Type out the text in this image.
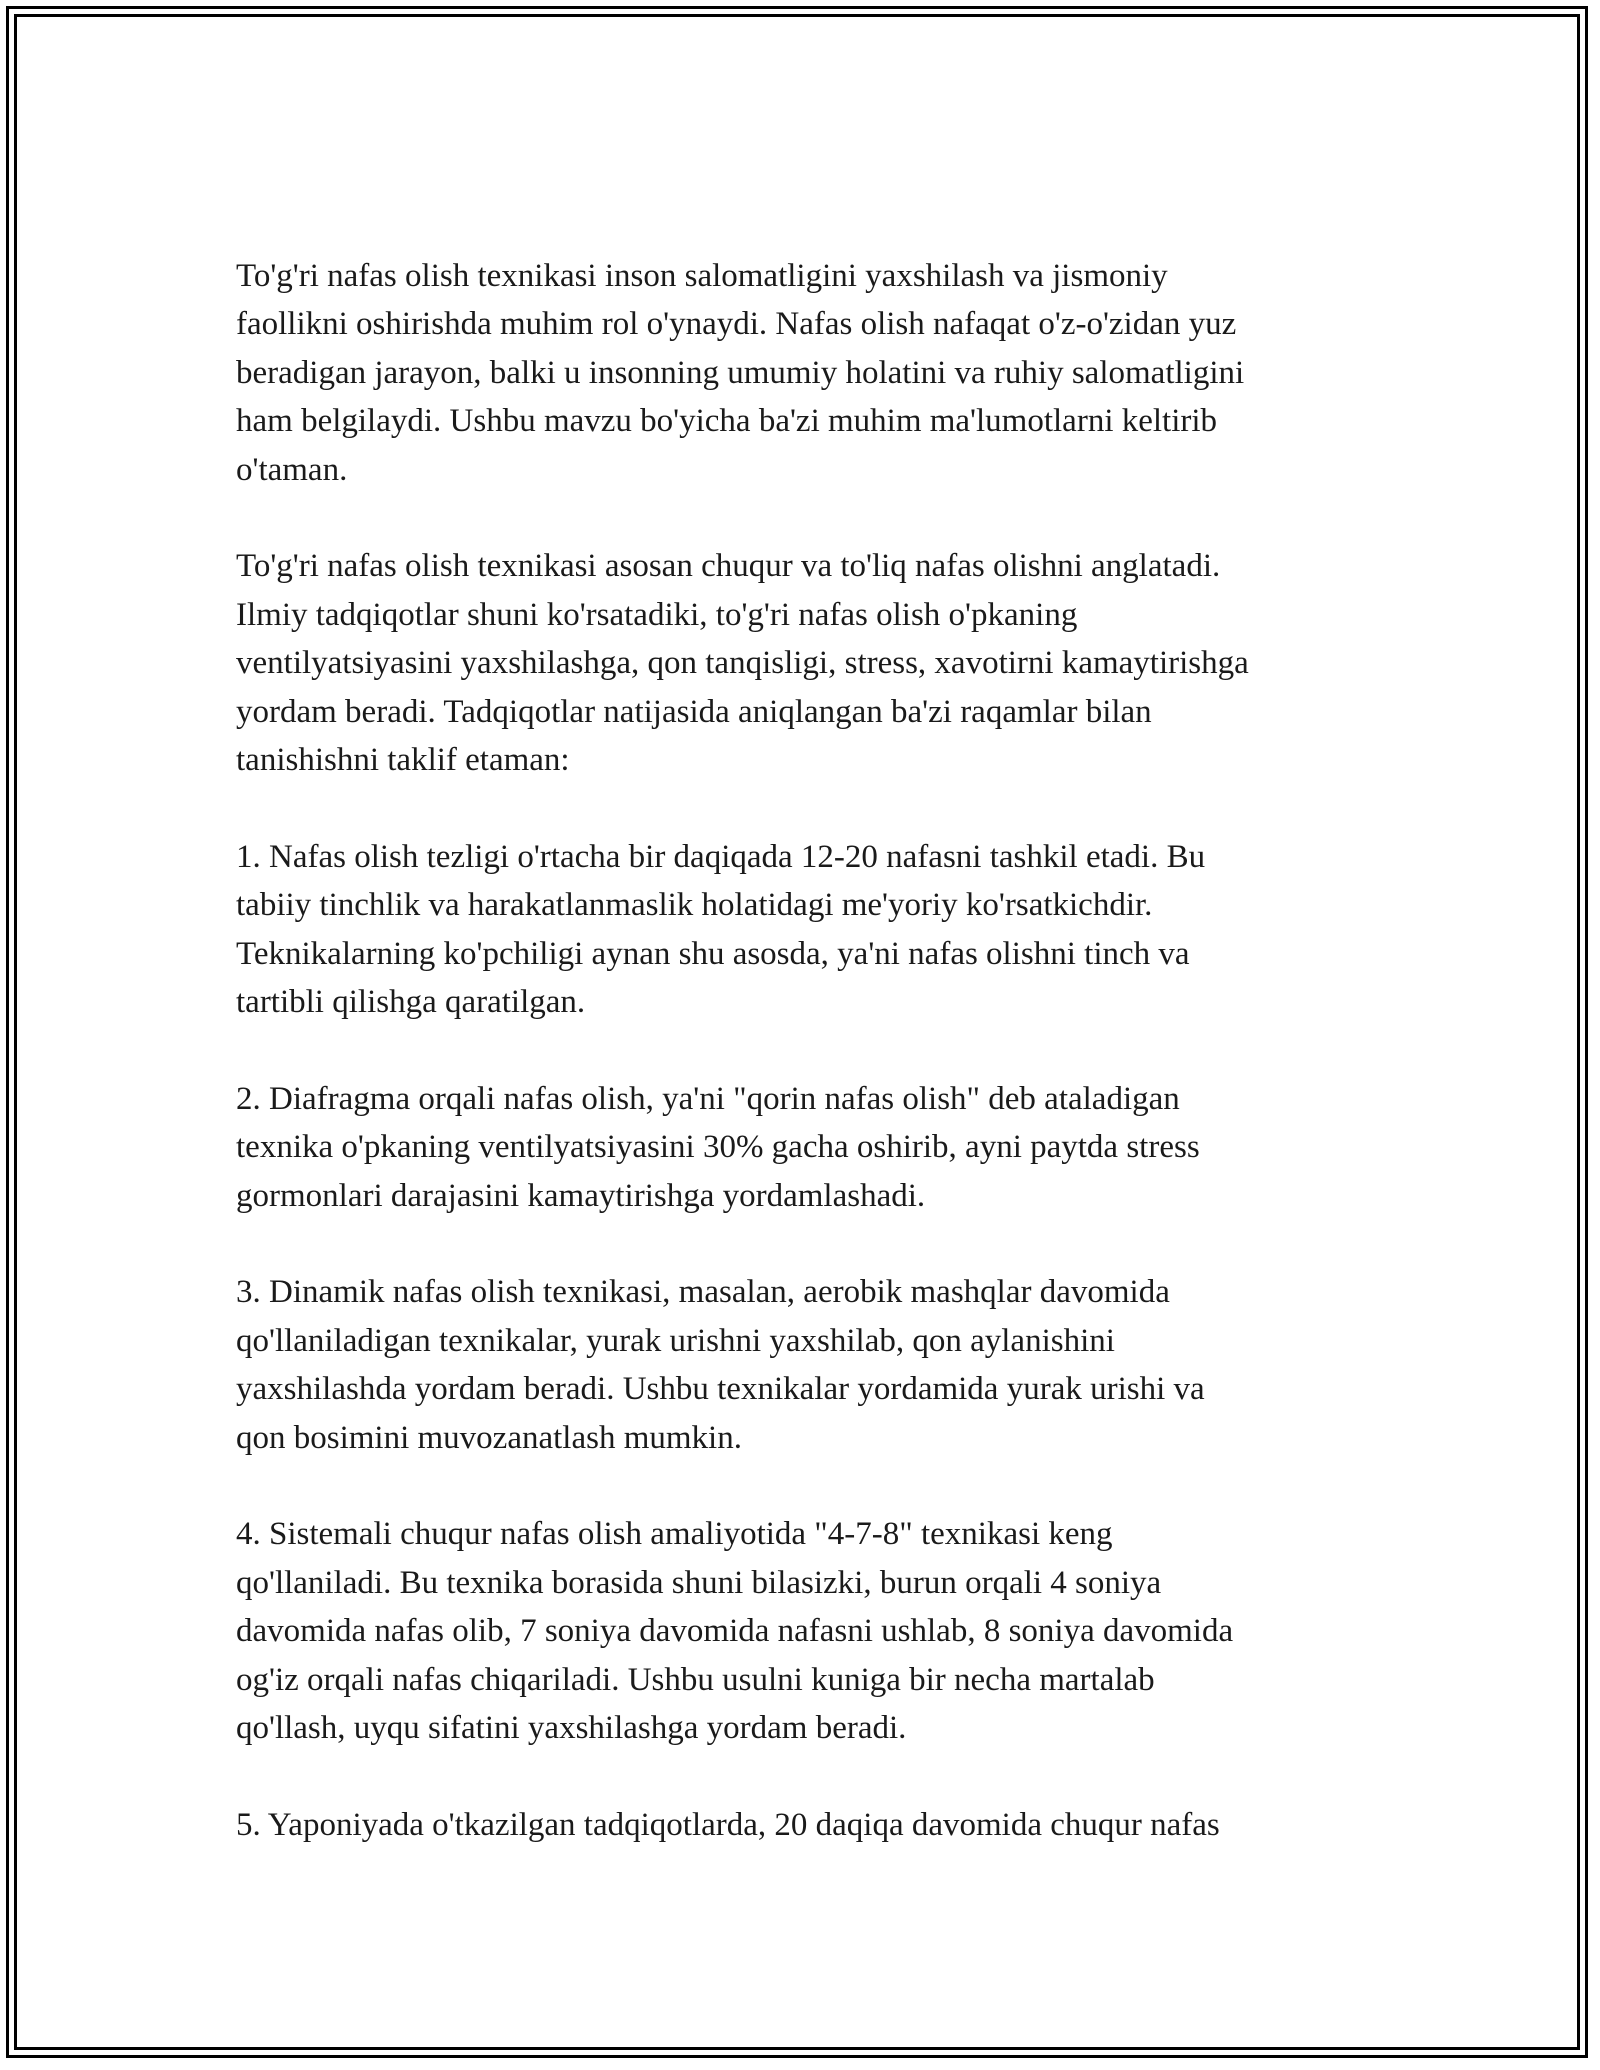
To'g'ri nafas olish texnikasi inson salomatligini yaxshilash va jismoniy
faollikni oshirishda muhim rol o'ynaydi. Nafas olish nafaqat o'z-o'zidan yuz
beradigan jarayon, balki u insonning umumiy holatini va ruhiy salomatligini
ham belgilaydi. Ushbu mavzu bo'yicha ba'zi muhim ma'lumotlarni keltirib
o'taman.

To'g'ri nafas olish texnikasi asosan chuqur va to'liq nafas olishni anglatadi.
Ilmiy tadqiqotlar shuni ko'rsatadiki, to'g'ri nafas olish o'pkaning
ventilyatsiyasini yaxshilashga, qon tanqisligi, stress, xavotirni kamaytirishga
yordam beradi. Tadqiqotlar natijasida aniqlangan ba'zi raqamlar bilan
tanishishni taklif etaman:

1. Nafas olish tezligi o'rtacha bir daqiqada 12-20 nafasni tashkil etadi. Bu
tabiiy tinchlik va harakatlanmaslik holatidagi me'yoriy ko'rsatkichdir.
Teknikalarning ko'pchiligi aynan shu asosda, ya'ni nafas olishni tinch va
tartibli qilishga qaratilgan.

2. Diafragma orqali nafas olish, ya'ni "qorin nafas olish" deb ataladigan
texnika o'pkaning ventilyatsiyasini 30% gacha oshirib, ayni paytda stress
gormonlari darajasini kamaytirishga yordamlashadi.

3. Dinamik nafas olish texnikasi, masalan, aerobik mashqlar davomida
qo'llaniladigan texnikalar, yurak urishni yaxshilab, qon aylanishini
yaxshilashda yordam beradi. Ushbu texnikalar yordamida yurak urishi va
qon bosimini muvozanatlash mumkin.

4. Sistemali chuqur nafas olish amaliyotida "4-7-8" texnikasi keng
qo'llaniladi. Bu texnika borasida shuni bilasizki, burun orqali 4 soniya
davomida nafas olib, 7 soniya davomida nafasni ushlab, 8 soniya davomida
og'iz orqali nafas chiqariladi. Ushbu usulni kuniga bir necha martalab
qo'llash, uyqu sifatini yaxshilashga yordam beradi.

5. Yaponiyada o'tkazilgan tadqiqotlarda, 20 daqiqa davomida chuqur nafas
